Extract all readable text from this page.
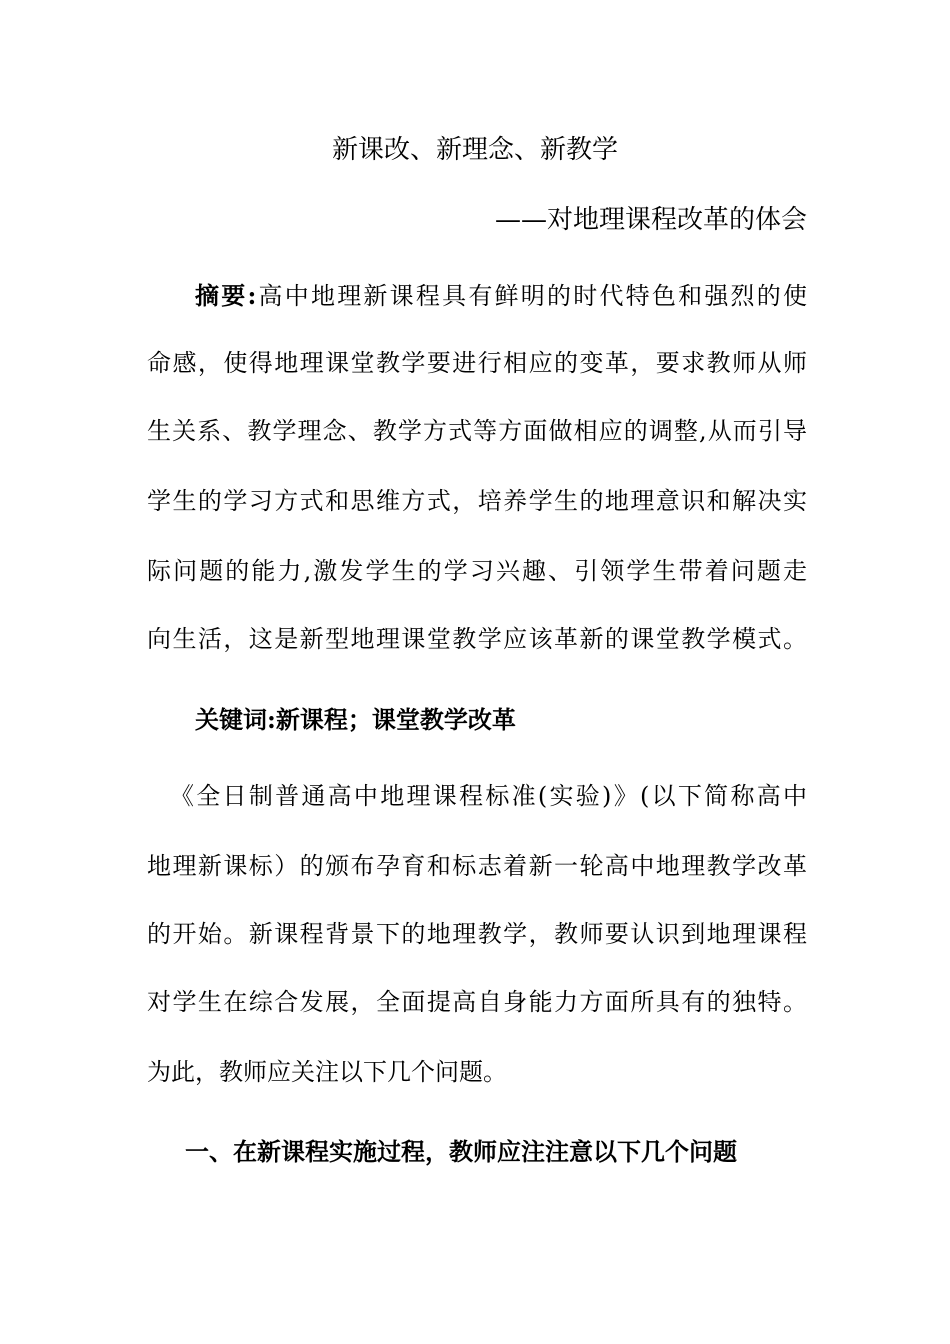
新课改、新理念、新教学
——对地理课程改革的体会
摘要:高中地理新课程具有鲜明的时代特色和强烈的使
命感，使得地理课堂教学要进行相应的变革，要求教师从师
生关系、教学理念、教学方式等方面做相应的调整,从而引导
学生的学习方式和思维方式，培养学生的地理意识和解决实
际问题的能力,激发学生的学习兴趣、引领学生带着问题走
向生活，这是新型地理课堂教学应该革新的课堂教学模式。
关键词:新课程；课堂教学改革
《全日制普通高中地理课程标准(实验)》(以下简称高中
地理新课标）的颁布孕育和标志着新一轮高中地理教学改革
的开始。新课程背景下的地理教学，教师要认识到地理课程
对学生在综合发展，全面提高自身能力方面所具有的独特。
为此，教师应关注以下几个问题。
一、在新课程实施过程，教师应注注意以下几个问题
